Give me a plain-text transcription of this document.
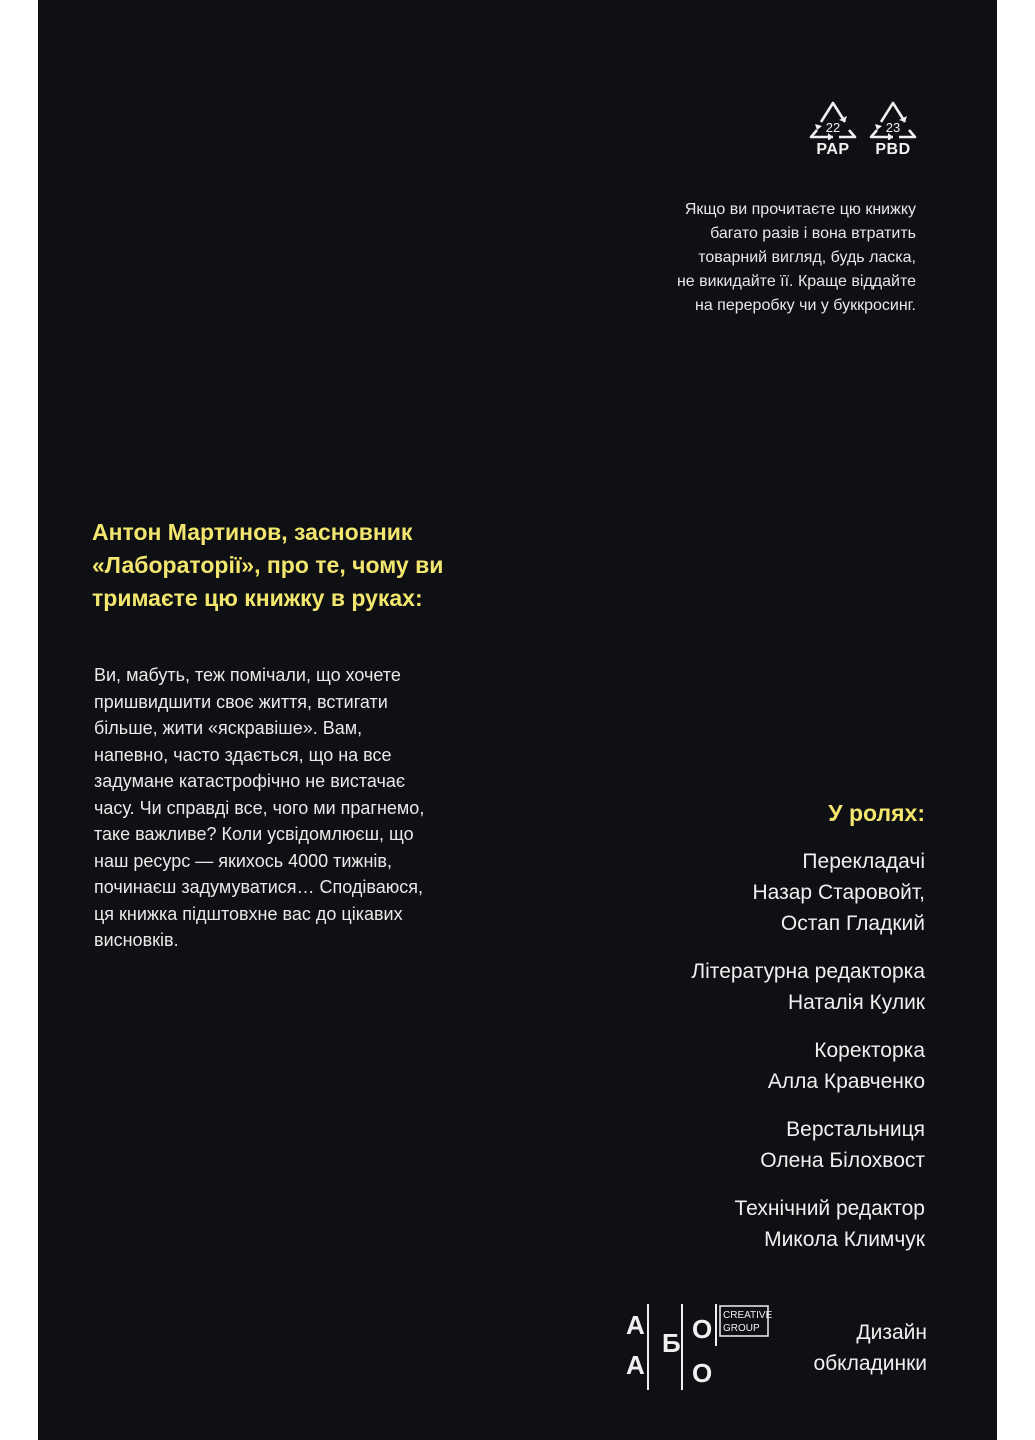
22
PAP
23
PBD
Якщо ви прочитаєте цю книжку
багато разів і вона втратить
товарний вигляд, будь ласка,
не викидайте її. Краще віддайте
на переробку чи у буккросинг.
Антон Мартинов, засновник
«Лабораторії», про те, чому ви
тримаєте цю книжку в руках:
Ви, мабуть, теж помічали, що хочете
пришвидшити своє життя, встигати
більше, жити «яскравіше». Вам,
напевно, часто здається, що на все
задумане катастрофічно не вистачає
часу. Чи справді все, чого ми прагнемо,
таке важливе? Коли усвідомлюєш, що
наш ресурс — якихось 4000 тижнів,
починаєш задумуватися… Сподіваюся,
ця книжка підштовхне вас до цікавих
висновків.
У ролях:
Перекладачі
Назар Старовойт,
Остап Гладкий
Літературна редакторка
Наталія Кулик
Коректорка
Алла Кравченко
Верстальниця
Олена Білохвост
Технічний редактор
Микола Климчук
А
А
Б О
О
CREATIVE
GROUP	Дизайн
обкладинки
